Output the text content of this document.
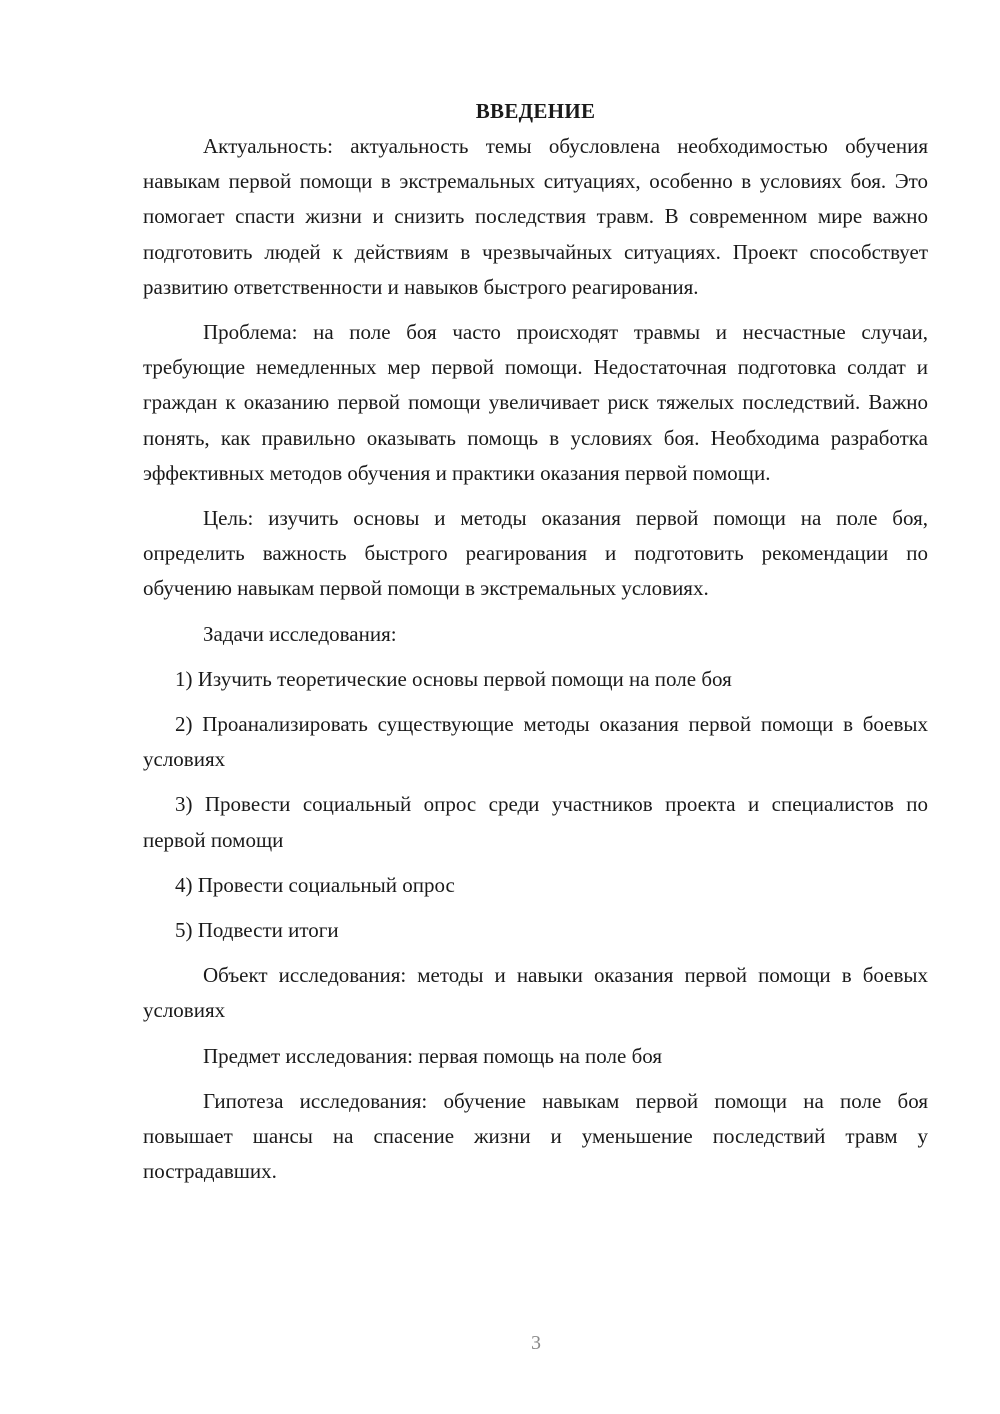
ВВЕДЕНИЕ

Актуальность: актуальность темы обусловлена необходимостью обучения навыкам первой помощи в экстремальных ситуациях, особенно в условиях боя. Это помогает спасти жизни и снизить последствия травм. В современном мире важно подготовить людей к действиям в чрезвычайных ситуациях. Проект способствует развитию ответственности и навыков быстрого реагирования.

Проблема: на поле боя часто происходят травмы и несчастные случаи, требующие немедленных мер первой помощи. Недостаточная подготовка солдат и граждан к оказанию первой помощи увеличивает риск тяжелых последствий. Важно понять, как правильно оказывать помощь в условиях боя. Необходима разработка эффективных методов обучения и практики оказания первой помощи.

Цель: изучить основы и методы оказания первой помощи на поле боя, определить важность быстрого реагирования и подготовить рекомендации по обучению навыкам первой помощи в экстремальных условиях.

Задачи исследования:

1) Изучить теоретические основы первой помощи на поле боя

2) Проанализировать существующие методы оказания первой помощи в боевых условиях

3) Провести социальный опрос среди участников проекта и специалистов по первой помощи

4) Провести социальный опрос

5) Подвести итоги

Объект исследования: методы и навыки оказания первой помощи в боевых условиях

Предмет исследования: первая помощь на поле боя

Гипотеза исследования: обучение навыкам первой помощи на поле боя повышает шансы на спасение жизни и уменьшение последствий травм у пострадавших.

3
